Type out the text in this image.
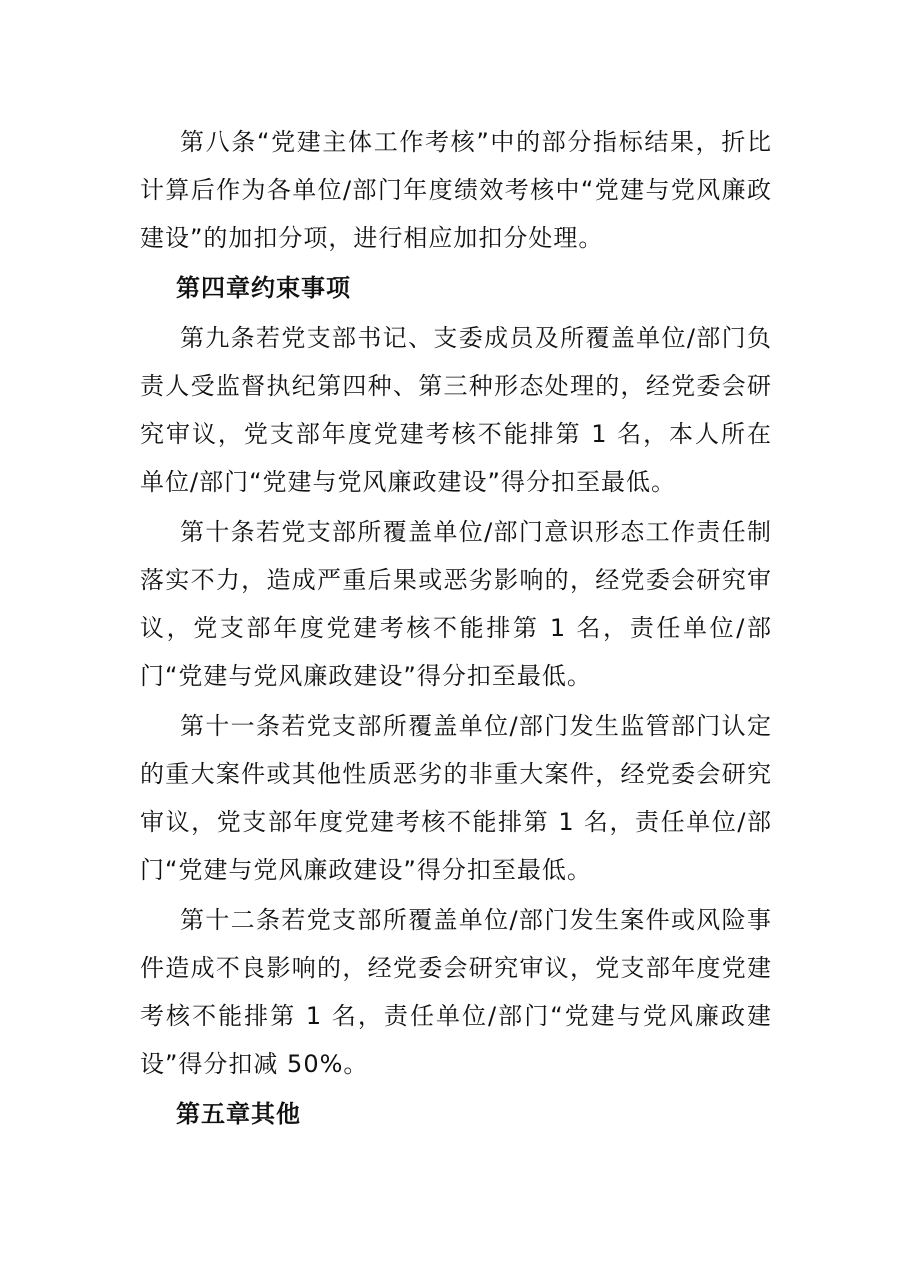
第八条“党建主体工作考核”中的部分指标结果，折比计算后作为各单位/部门年度绩效考核中“党建与党风廉政建设”的加扣分项，进行相应加扣分处理。

第四章约束事项

第九条若党支部书记、支委成员及所覆盖单位/部门负责人受监督执纪第四种、第三种形态处理的，经党委会研究审议，党支部年度党建考核不能排第 1 名，本人所在单位/部门“党建与党风廉政建设”得分扣至最低。

第十条若党支部所覆盖单位/部门意识形态工作责任制落实不力，造成严重后果或恶劣影响的，经党委会研究审议，党支部年度党建考核不能排第 1 名，责任单位/部门“党建与党风廉政建设”得分扣至最低。

第十一条若党支部所覆盖单位/部门发生监管部门认定的重大案件或其他性质恶劣的非重大案件，经党委会研究审议，党支部年度党建考核不能排第 1 名，责任单位/部门“党建与党风廉政建设”得分扣至最低。

第十二条若党支部所覆盖单位/部门发生案件或风险事件造成不良影响的，经党委会研究审议，党支部年度党建考核不能排第 1 名，责任单位/部门“党建与党风廉政建设”得分扣减 50%。

第五章其他
